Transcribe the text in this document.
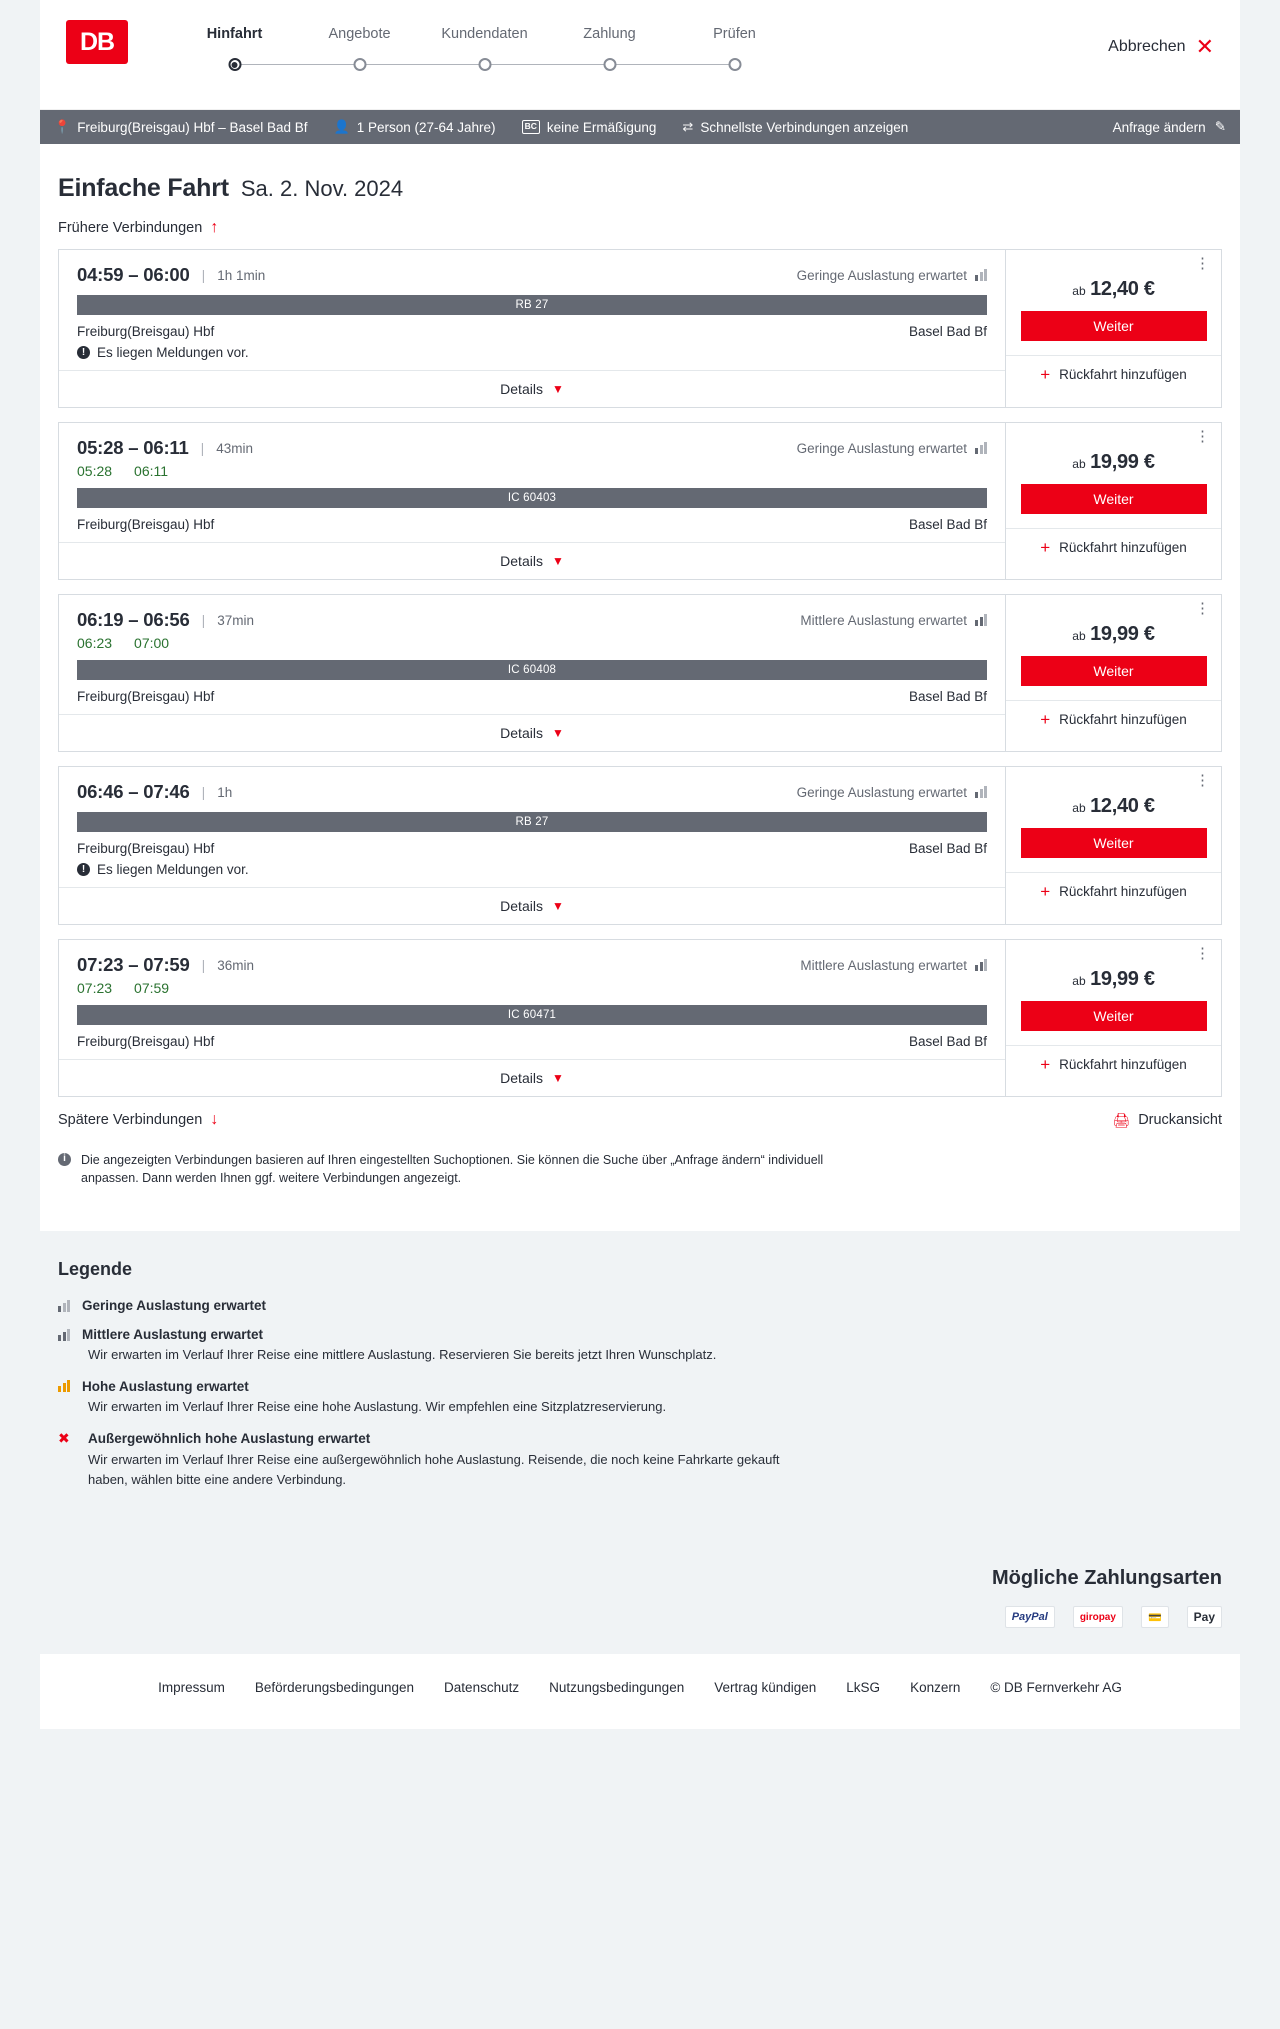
DB	Hinfahrt	Angebote	Kundendaten	Zahlung	Prüfen
Abbrechen ✕
📍 Freiburg(Breisgau) Hbf – Basel Bad Bf 👤 1 Person (27-64 Jahre)	BC keine Ermäßigung ⇄ Schnellste Verbindungen anzeigen	Anfrage ändern ✎
Einfache Fahrt Sa. 2. Nov. 2024
Frühere Verbindungen ↑
04:59 – 06:00 | 1h 1min	Geringe Auslastung erwartet
RB 27
Freiburg(Breisgau) Hbf	Basel Bad Bf
! Es liegen Meldungen vor.
Details ▼
⋮
ab 12,40 €
Weiter
+ Rückfahrt hinzufügen
05:28 – 06:11 | 43min	Geringe Auslastung erwartet
05:28 06:11
IC 60403
Freiburg(Breisgau) Hbf	Basel Bad Bf
Details ▼
⋮
ab 19,99 €
Weiter
+ Rückfahrt hinzufügen
06:19 – 06:56 | 37min	Mittlere Auslastung erwartet
06:23 07:00
IC 60408
Freiburg(Breisgau) Hbf	Basel Bad Bf
Details ▼
⋮
ab 19,99 €
Weiter
+ Rückfahrt hinzufügen
06:46 – 07:46 | 1h	Geringe Auslastung erwartet
RB 27
Freiburg(Breisgau) Hbf	Basel Bad Bf
! Es liegen Meldungen vor.
Details ▼
⋮
ab 12,40 €
Weiter
+ Rückfahrt hinzufügen
07:23 – 07:59 | 36min	Mittlere Auslastung erwartet
07:23 07:59
IC 60471
Freiburg(Breisgau) Hbf	Basel Bad Bf
Details ▼
⋮
ab 19,99 €
Weiter
+ Rückfahrt hinzufügen
Spätere Verbindungen ↓	🖨 Druckansicht
i	Die angezeigten Verbindungen basieren auf Ihren eingestellten Suchoptionen. Sie können die Suche über „Anfrage ändern“ individuell anpassen. Dann werden Ihnen ggf. weitere Verbindungen angezeigt.
Legende
Geringe Auslastung erwartet
Mittlere Auslastung erwartet
Wir erwarten im Verlauf Ihrer Reise eine mittlere Auslastung. Reservieren Sie bereits jetzt Ihren Wunschplatz.
Hohe Auslastung erwartet
Wir erwarten im Verlauf Ihrer Reise eine hohe Auslastung. Wir empfehlen eine Sitzplatzreservierung.
✖	Außergewöhnlich hohe Auslastung erwartet
Wir erwarten im Verlauf Ihrer Reise eine außergewöhnlich hohe Auslastung. Reisende, die noch keine Fahrkarte gekauft haben, wählen bitte eine andere Verbindung.
Mögliche Zahlungsarten
PayPal	giropay	💳	Pay
Impressum Beförderungsbedingungen Datenschutz Nutzungsbedingungen Vertrag kündigen LkSG Konzern © DB Fernverkehr AG
